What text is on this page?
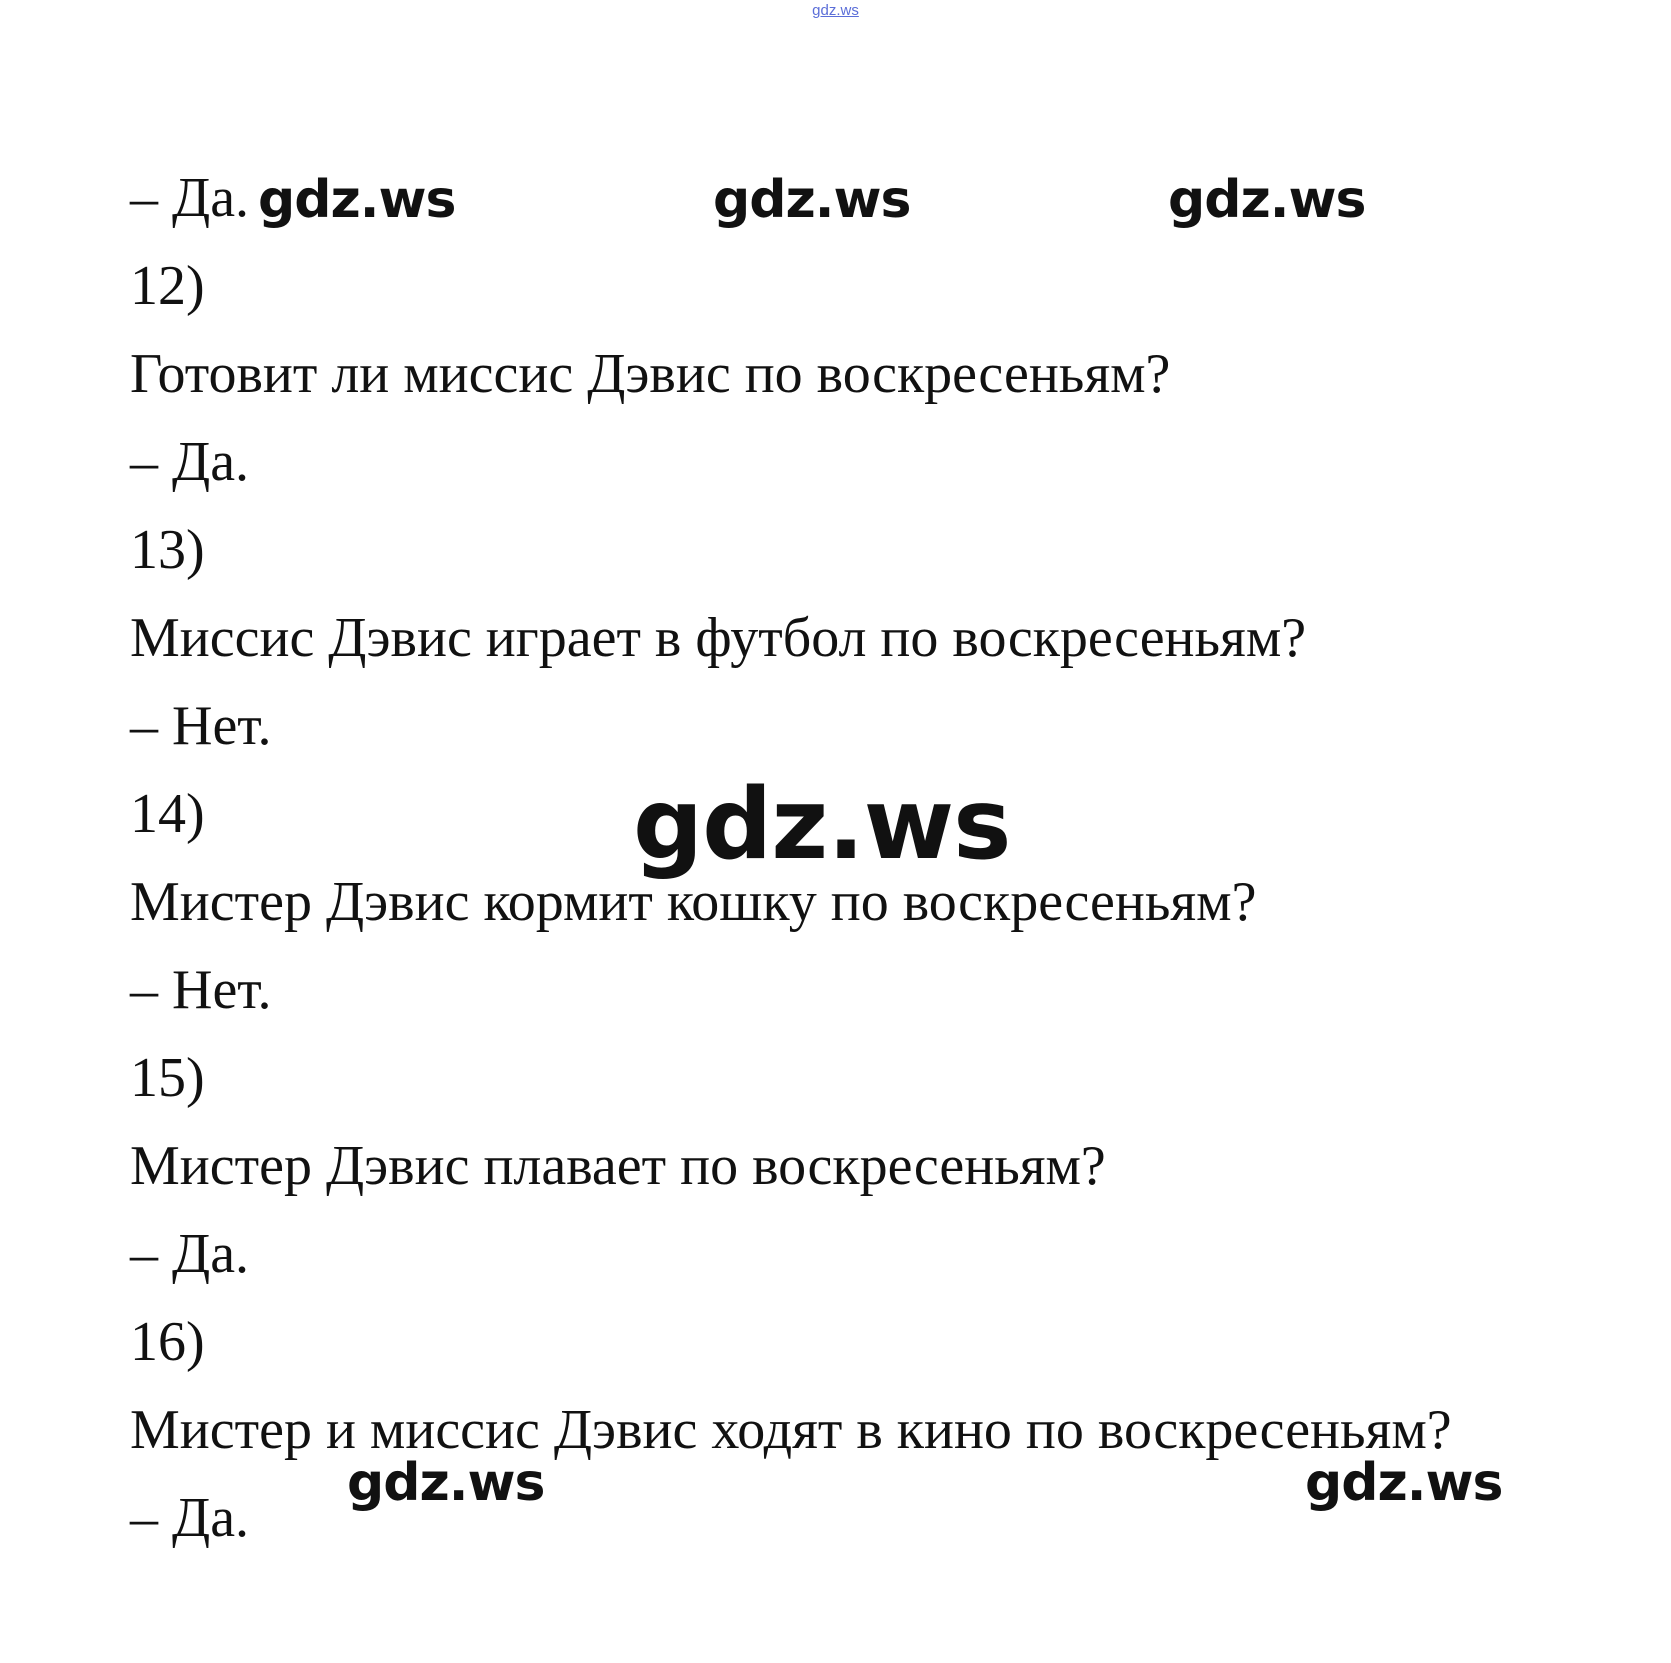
gdz.ws
– Да.
12)
Готовит ли миссис Дэвис по воскресеньям?
– Да.
13)
Миссис Дэвис играет в футбол по воскресеньям?
– Нет.
14)
Мистер Дэвис кормит кошку по воскресеньям?
– Нет.
15)
Мистер Дэвис плавает по воскресеньям?
– Да.
16)
Мистер и миссис Дэвис ходят в кино по воскресеньям?
– Да.
gdz.ws	gdz.ws	gdz.ws
gdz.ws
gdz.ws	gdz.ws
